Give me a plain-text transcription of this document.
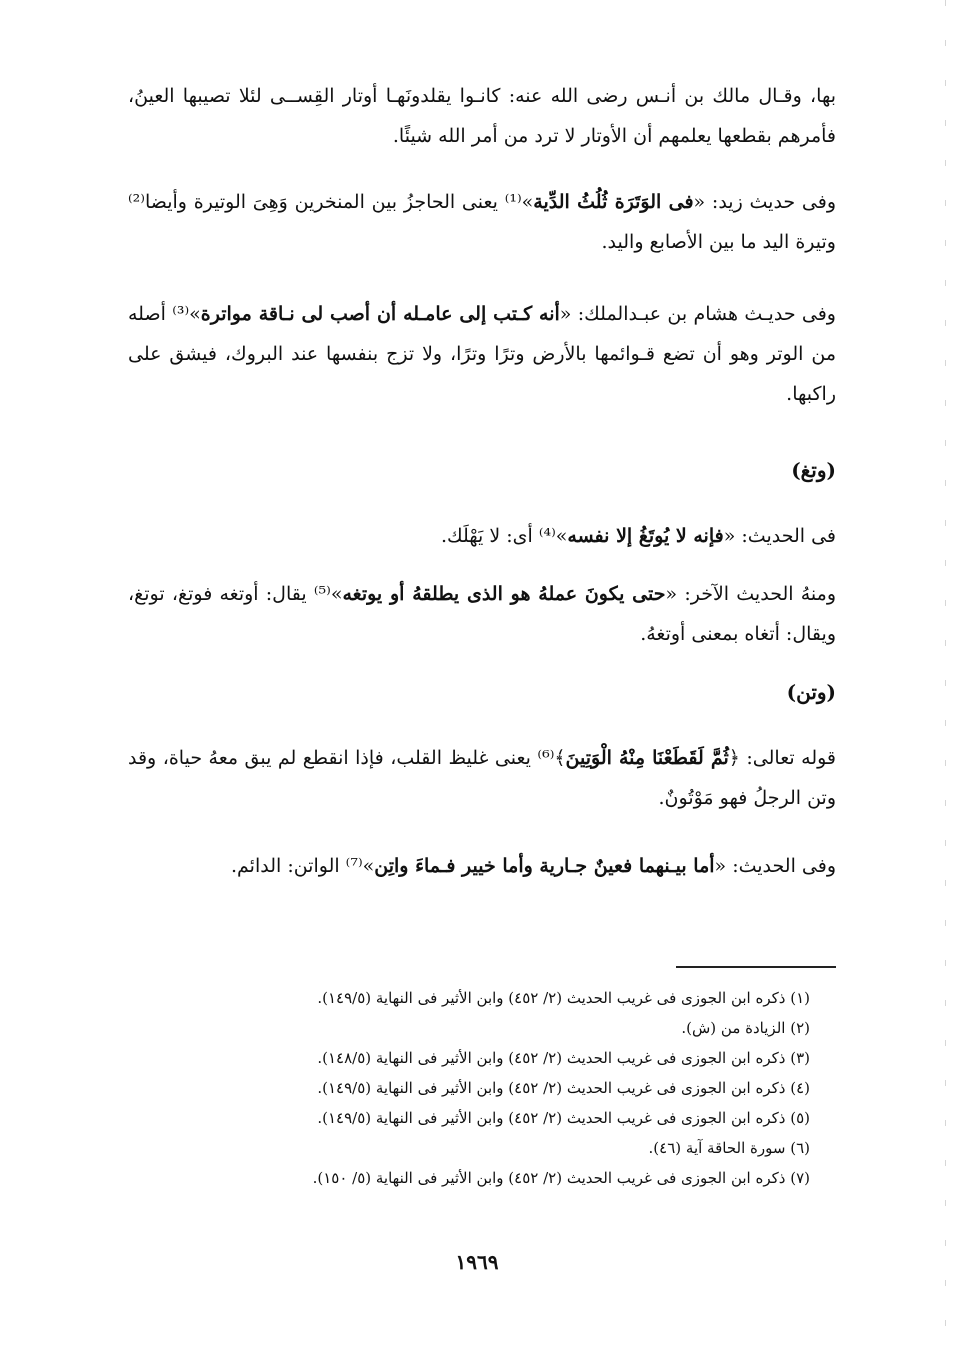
بها، وقـال مالك بن أنـس رضى الله عنه: كانـوا يقلدونَهـا أوتار القِســى لئلا تصيبها العينُ، فأمرهم بقطعها يعلمهم أن الأوتار لا ترد من أمر الله شيئًا.

وفى حديث زيد: «فى الوَتَرَة ثُلُثُ الدِّية»⁽¹⁾ يعنى الحاجزُ بين المنخرين وَهِىَ الوتيرة وأيضا⁽²⁾ وتيرة اليد ما بين الأصابع واليد.

وفى حديـث هشام بن عبـدالملك: «أنه كـتب إلى عامـله أن أصب لى نـاقة مواترة»⁽³⁾ أصله من الوتر وهو أن تضع قـوائمها بالأرض وترًا وترًا، ولا تزج بنفسها عند البروك، فيشق على راكبها.

(وتغ)

فى الحديث: «فإنه لا يُوتَغُ إلا نفسه»⁽⁴⁾ أى: لا يَهْلَك.

ومنهُ الحديث الآخر: «حتى يكونَ عملهُ هو الذى يطلقهُ أو يوتغه»⁽⁵⁾ يقال: أوتغه فوتغ، توتغ، ويقال: أتغاه بمعنى أوتغهُ.

(وتن)

قوله تعالى: ﴿ثُمَّ لَقَطَعْنَا مِنْهُ الْوَتِينَ﴾⁽⁶⁾ يعنى غليظ القلب، فإذا انقطع لم يبق معهُ حياة، وقد وتن الرجلُ فهو مَوْتُونٌ.

وفى الحديث: «أما بيـنهما فعينٌ جـارية وأما خيير فـماءَ واتِن»⁽⁷⁾ الواتن: الدائم.

(١) ذكره ابن الجوزى فى غريب الحديث (٢/ ٤٥٢) وابن الأثير فى النهاية (١٤٩/٥).
(٢) الزيادة من (ش).
(٣) ذكره ابن الجوزى فى غريب الحديث (٢/ ٤٥٢) وابن الأثير فى النهاية (١٤٨/٥).
(٤) ذكره ابن الجوزى فى غريب الحديث (٢/ ٤٥٢) وابن الأثير فى النهاية (١٤٩/٥).
(٥) ذكره ابن الجوزى فى غريب الحديث (٢/ ٤٥٢) وابن الأثير فى النهاية (١٤٩/٥).
(٦) سورة الحاقة آية (٤٦).
(٧) ذكره ابن الجوزى فى غريب الحديث (٢/ ٤٥٢) وابن الأثير فى النهاية (٥/ ١٥٠).
١٩٦٩
